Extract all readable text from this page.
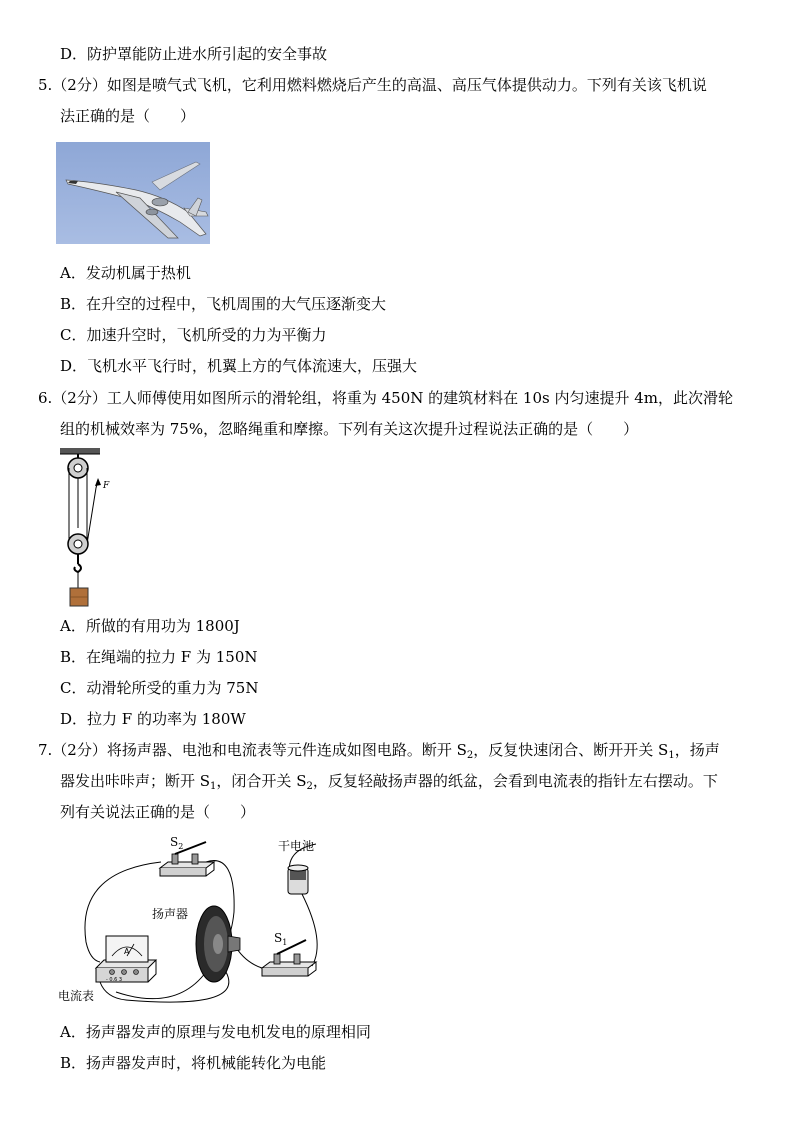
D．防护罩能防止进水所引起的安全事故
5.（2分）如图是喷气式飞机，它利用燃料燃烧后产生的高温、高压气体提供动力。下列有关该飞机说
法正确的是（　　）
A．发动机属于热机
B．在升空的过程中，飞机周围的大气压逐渐变大
C．加速升空时，飞机所受的力为平衡力
D．飞机水平飞行时，机翼上方的气体流速大，压强大
6.（2分）工人师傅使用如图所示的滑轮组，将重为 450N 的建筑材料在 10s 内匀速提升 4m，此次滑轮
组的机械效率为 75%，忽略绳重和摩擦。下列有关这次提升过程说法正确的是（　　）
F
A．所做的有用功为 1800J
B．在绳端的拉力 F 为 150N
C．动滑轮所受的重力为 75N
D．拉力 F 的功率为 180W
7.（2分）将扬声器、电池和电流表等元件连成如图电路。断开 $S_2$，反复快速闭合、断开开关 $S_1$，扬声
器发出咔咔声；断开 $S_1$，闭合开关 $S_2$，反复轻敲扬声器的纸盆，会看到电流表的指针左右摆动。下
列有关说法正确的是（　　）
$S_2$	干电池
扬声器
$S_1$
A
- 0.6 3
电流表
A．扬声器发声的原理与发电机发电的原理相同
B．扬声器发声时，将机械能转化为电能
